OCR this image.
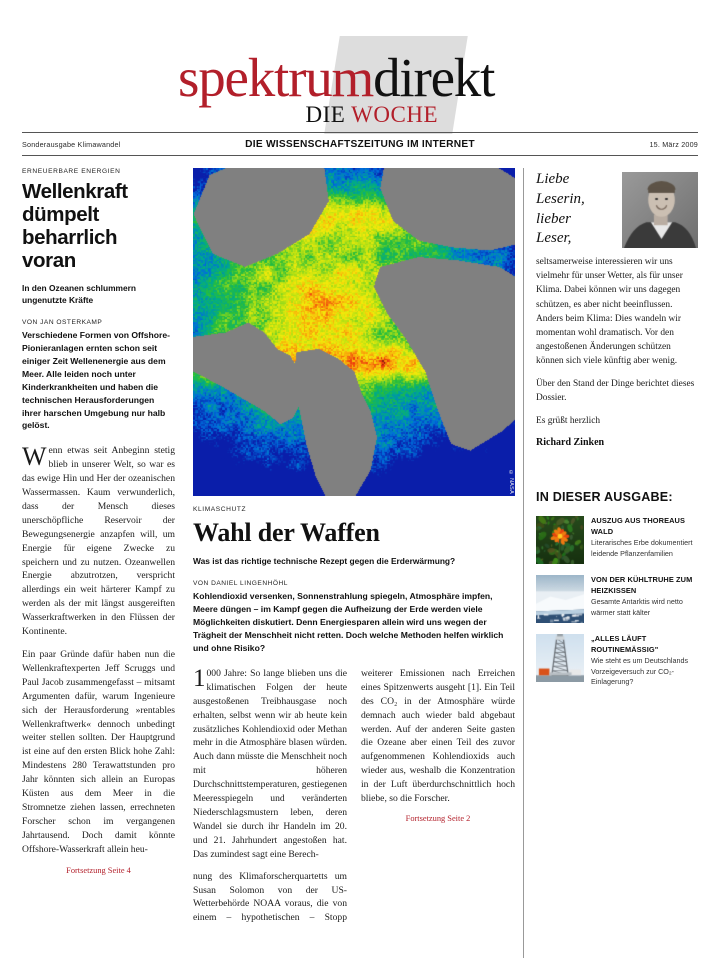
spektrumdirekt
DIE WOCHE
Sonderausgabe Klimawandel	DIE WISSENSCHAFTSZEITUNG IM INTERNET	15. März 2009
ERNEUERBARE ENERGIEN
Wellenkraft dümpelt beharrlich voran
In den Ozeanen schlummern ungenutzte Kräfte
VON JAN OSTERKAMP
Verschiedene Formen von Offshore-Pionieranlagen ernten schon seit einiger Zeit Wellenenergie aus dem Meer. Alle leiden noch unter Kinderkrankheiten und haben die technischen Herausforderungen ihrer harschen Umgebung nur halb gelöst.

Wenn etwas seit Anbeginn stetig blieb in unserer Welt, so war es das ewige Hin und Her der ozeanischen Wassermassen. Kaum verwunderlich, dass der Mensch dieses unerschöpfliche Reservoir der Bewegungsenergie anzapfen will, um Energie für eigene Zwecke zu speichern und zu nutzen. Ozeanwellen Energie abzutrotzen, verspricht allerdings ein weit härterer Kampf zu werden als der mit längst ausgereiften Wasserkraftwerken in den Flüssen der Kontinente.

Ein paar Gründe dafür haben nun die Wellenkraftexperten Jeff Scruggs und Paul Jacob zusammengefasst – mitsamt Argumenten dafür, warum Ingenieure sich der Herausforderung »rentables Wellenkraftwerk« dennoch unbedingt weiter stellen sollten. Der Hauptgrund ist eine auf den ersten Blick hohe Zahl: Mindestens 280 Terawattstunden pro Jahr könnten sich allein an Europas Küsten aus dem Meer in die Stromnetze ziehen lassen, errechneten Forscher schon im vergangenen Jahrtausend. Doch damit könnte Offshore-Wasserkraft allein heu-

Fortsetzung Seite 4
© NASA
KLIMASCHUTZ
Wahl der Waffen
Was ist das richtige technische Rezept gegen die Erderwärmung?
VON DANIEL LINGENHÖHL
Kohlendioxid versenken, Sonnenstrahlung spiegeln, Atmosphäre impfen, Meere düngen – im Kampf gegen die Aufheizung der Erde werden viele Möglichkeiten diskutiert. Denn Energiesparen allein wird uns wegen der Trägheit der Menschheit nicht retten. Doch welche Methoden helfen wirklich und ohne Risiko?

1000 Jahre: So lange blieben uns die klimatischen Folgen der heute ausgestoßenen Treibhausgase noch erhalten, selbst wenn wir ab heute kein zusätzliches Kohlendioxid oder Methan mehr in die Atmosphäre blasen würden. Auch dann müsste die Menschheit noch mit höheren Durchschnittstemperaturen, gestiegenen Meeresspiegeln und veränderten Niederschlagsmustern leben, deren Wandel sie durch ihr Handeln im 20. und 21. Jahrhundert angestoßen hat. Das zumindest sagt eine Berech-

nung des Klimaforscherquartetts um Susan Solomon von der US-Wetterbehörde NOAA voraus, die von einem – hypothetischen – Stopp weiterer Emissionen nach Erreichen eines Spitzenwerts ausgeht [1]. Ein Teil des CO₂ in der Atmosphäre würde demnach auch wieder bald abgebaut werden. Auf der anderen Seite gasten die Ozeane aber einen Teil des zuvor aufgenommenen Kohlendioxids auch wieder aus, weshalb die Konzentration in der Luft überdurchschnittlich hoch bliebe, so die Forscher.

Fortsetzung Seite 2
Liebe Leserin, lieber Leser,

seltsamerweise interessieren wir uns vielmehr für unser Wetter, als für unser Klima. Dabei können wir uns dagegen schützen, es aber nicht beeinflussen. Anders beim Klima: Dies wandeln wir momentan wohl dramatisch. Vor den angestoßenen Änderungen schützen können sich viele künftig aber wenig.

Über den Stand der Dinge berichtet dieses Dossier.

Es grüßt herzlich

Richard Zinken
IN DIESER AUSGABE:
AUSZUG AUS THOREAUS WALD
Literarisches Erbe dokumentiert leidende Pflanzenfamilien
VON DER KÜHLTRUHE ZUM HEIZKISSEN
Gesamte Antarktis wird netto wärmer statt kälter
„ALLES LÄUFT ROUTINEMÄSSIG"
Wie steht es um Deutschlands Vorzeigeversuch zur CO₂-Einlagerung?
